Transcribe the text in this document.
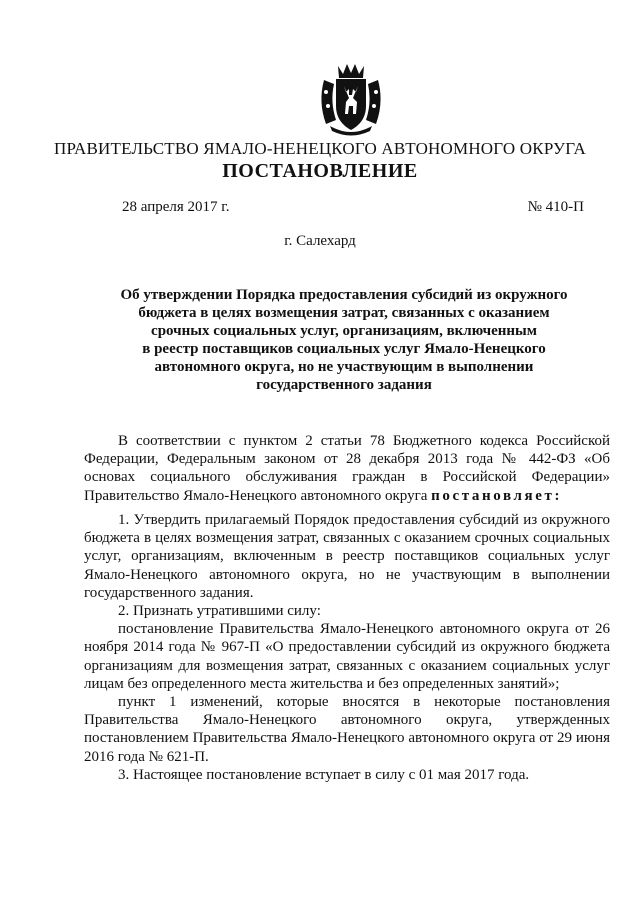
ПРАВИТЕЛЬСТВО ЯМАЛО-НЕНЕЦКОГО АВТОНОМНОГО ОКРУГА
ПОСТАНОВЛЕНИЕ
28 апреля 2017 г.	№ 410-П
г. Салехард
Об утверждении Порядка предоставления субсидий из окружного
бюджета в целях возмещения затрат, связанных с оказанием
срочных социальных услуг, организациям, включенным
в реестр поставщиков социальных услуг Ямало-Ненецкого
автономного округа, но не участвующим в выполнении
государственного задания

В соответствии с пунктом 2 статьи 78 Бюджетного кодекса Российской Федерации, Федеральным законом от 28 декабря 2013 года № 442-ФЗ «Об основах социального обслуживания граждан в Российской Федерации» Правительство Ямало-Ненецкого автономного округа постановляет:

1. Утвердить прилагаемый Порядок предоставления субсидий из окружного бюджета в целях возмещения затрат, связанных с оказанием срочных социальных услуг, организациям, включенным в реестр поставщиков социальных услуг Ямало-Ненецкого автономного округа, но не участвующим в выполнении государственного задания.

2. Признать утратившими силу:

постановление Правительства Ямало-Ненецкого автономного округа от 26 ноября 2014 года № 967-П «О предоставлении субсидий из окружного бюджета организациям для возмещения затрат, связанных с оказанием социальных услуг лицам без определенного места жительства и без определенных занятий»;

пункт 1 изменений, которые вносятся в некоторые постановления Правительства Ямало-Ненецкого автономного округа, утвержденных постановлением Правительства Ямало-Ненецкого автономного округа от 29 июня 2016 года № 621-П.

3. Настоящее постановление вступает в силу с 01 мая 2017 года.
